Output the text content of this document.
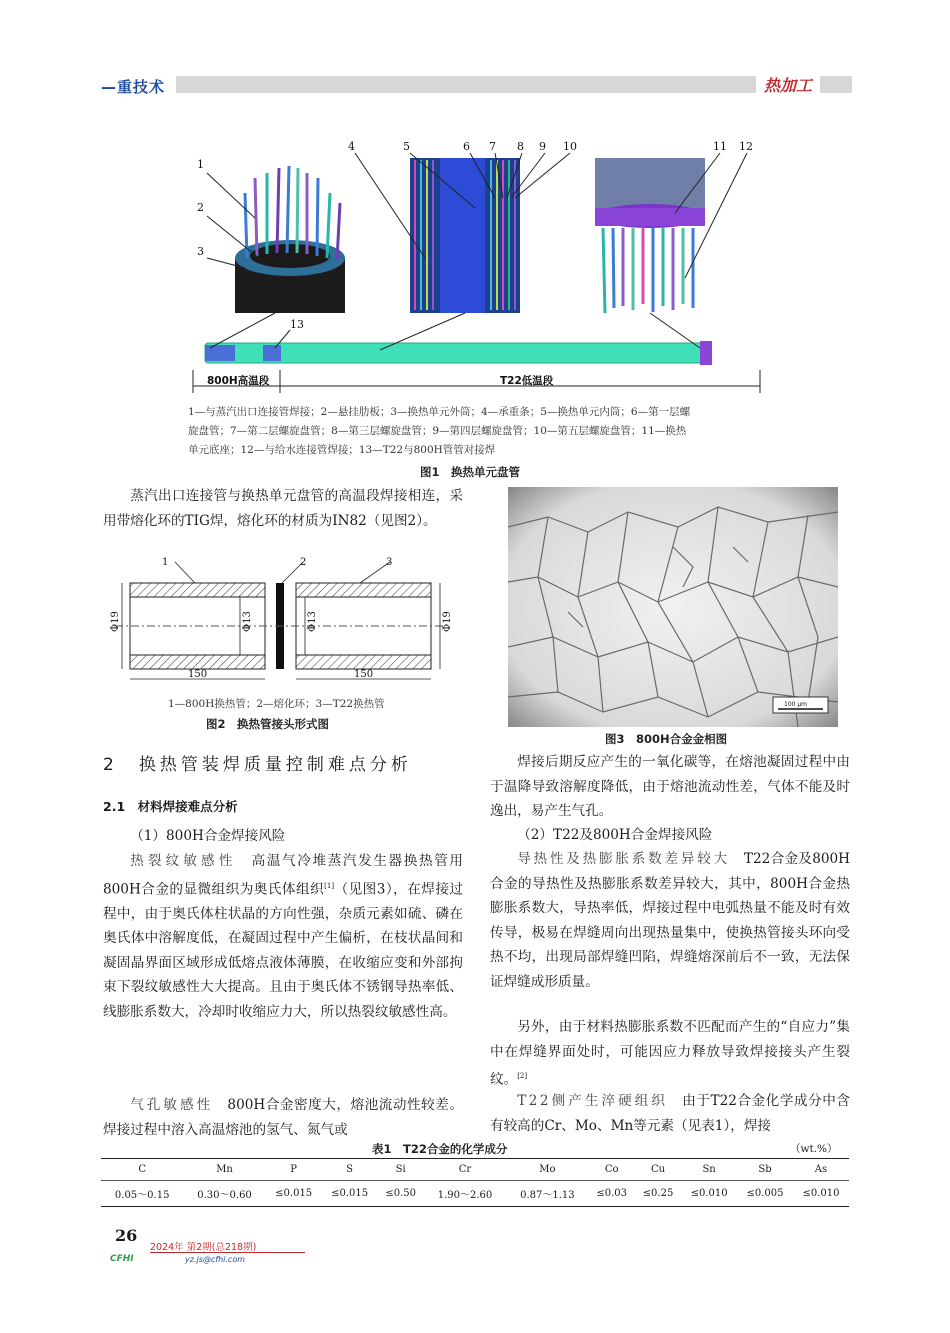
—重技术	热加工
1
2
3
4	5	6 7 8 9 10	11 12
13
800H高温段	T22低温段
1—与蒸汽出口连接管焊接；2—悬挂肋板；3—换热单元外筒；4—承重条；5—换热单元内筒；6—第一层螺
旋盘管；7—第二层螺旋盘管；8—第三层螺旋盘管；9—第四层螺旋盘管；10—第五层螺旋盘管；11—换热
单元底座；12—与给水连接管焊接；13—T22与800H管管对接焊
图1　换热单元盘管

蒸汽出口连接管与换热单元盘管的高温段焊接相连，采用带熔化环的TIG焊，熔化环的材质为IN82（见图2）。

1	2	3
Φ19	Φ13	Φ13	Φ19
150	150
1—800H换热管；2—熔化环；3—T22换热管
图2　换热管接头形式图
2　换热管装焊质量控制难点分析
2.1　材料焊接难点分析

（1）800H合金焊接风险

热裂纹敏感性　高温气冷堆蒸汽发生器换热管用800H合金的显微组织为奥氏体组织[1]（见图3），在焊接过程中，由于奥氏体柱状晶的方向性强，杂质元素如硫、磷在奥氏体中溶解度低，在凝固过程中产生偏析，在枝状晶间和凝固晶界面区域形成低熔点液体薄膜，在收缩应变和外部拘束下裂纹敏感性大大提高。且由于奥氏体不锈钢导热率低、线膨胀系数大，冷却时收缩应力大，所以热裂纹敏感性高。

气孔敏感性　800H合金密度大，熔池流动性较差。焊接过程中溶入高温熔池的氢气、氮气或

100 μm
图3　800H合金金相图

焊接后期反应产生的一氧化碳等，在熔池凝固过程中由于温降导致溶解度降低，由于熔池流动性差，气体不能及时逸出，易产生气孔。

（2）T22及800H合金焊接风险

导热性及热膨胀系数差异较大　T22合金及800H合金的导热性及热膨胀系数差异较大，其中，800H合金热膨胀系数大，导热率低，焊接过程中电弧热量不能及时有效传导，极易在焊缝周向出现热量集中，使换热管接头环向受热不均，出现局部焊缝凹陷，焊缝熔深前后不一致，无法保证焊缝成形质量。

另外，由于材料热膨胀系数不匹配而产生的“自应力”集中在焊缝界面处时，可能因应力释放导致焊接接头产生裂纹。[2]

T22侧产生淬硬组织　由于T22合金化学成分中含有较高的Cr、Mo、Mn等元素（见表1），焊接

表1　T22合金的化学成分	（wt.%）
C	Mn	P	S	Si	Cr	Mo	Co	Cu	Sn	Sb	As
0.05～0.15	0.30～0.60	≤0.015	≤0.015	≤0.50	1.90～2.60	0.87～1.13	≤0.03	≤0.25	≤0.010	≤0.005	≤0.010
26
2024年 第2期(总218期)
CFHI	yz.js@cfhi.com
